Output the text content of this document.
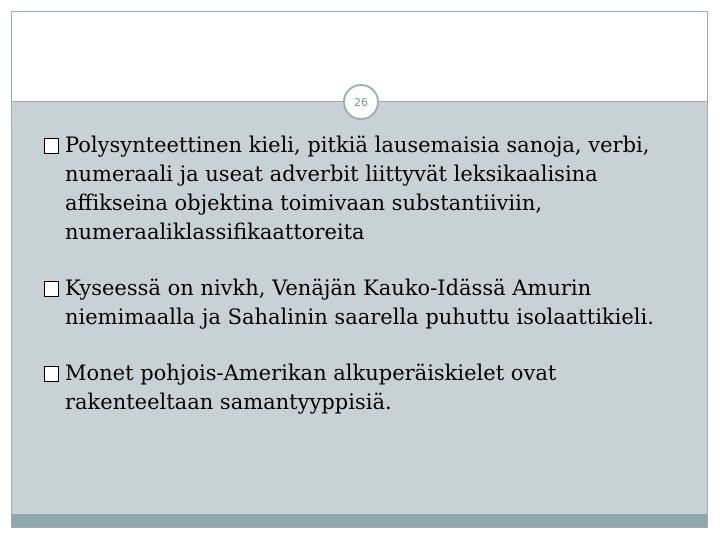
26
Polysynteettinen kieli, pitkiä lausemaisia sanoja, verbi, numeraali ja useat adverbit liittyvät leksikaalisina affikseina objektina toimivaan substantiiviin, numeraaliklassifikaattoreita
Kyseessä on nivkh, Venäjän Kauko-Idässä Amurin niemimaalla ja Sahalinin saarella puhuttu isolaattikieli.
Monet pohjois-Amerikan alkuperäiskielet ovat rakenteeltaan samantyyppisiä.
